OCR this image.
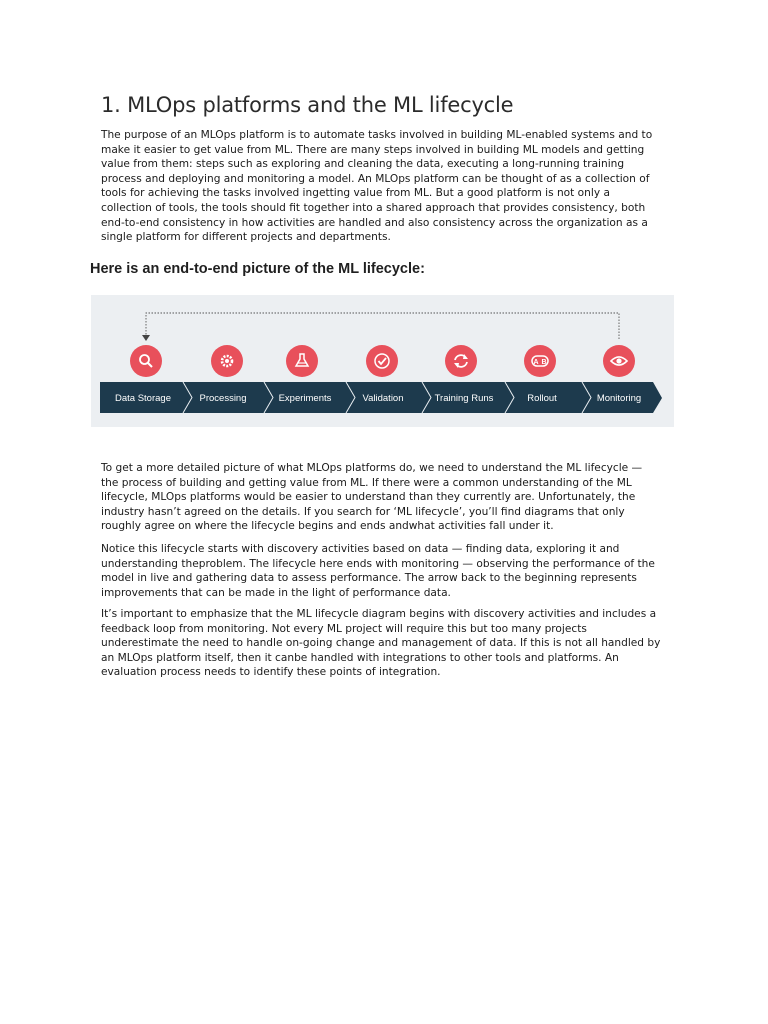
1. MLOps platforms and the ML lifecycle

The purpose of an MLOps platform is to automate tasks involved in building ML-enabled systems and to make it easier to get value from ML. There are many steps involved in building ML models and getting value from them: steps such as exploring and cleaning the data, executing a long-running training process and deploying and monitoring a model. An MLOps platform can be thought of as a collection of tools for achieving the tasks involved ingetting value from ML. But a good platform is not only a collection of tools, the tools should fit together into a shared approach that provides consistency, both end-to-end consistency in how activities are handled and also consistency across the organization as a single platform for different projects and departments.

Here is an end-to-end picture of the ML lifecycle:
A B
Data Storage	Processing	Experiments	Validation	Training Runs	Rollout	Monitoring

To get a more detailed picture of what MLOps platforms do, we need to understand the ML lifecycle — the process of building and getting value from ML. If there were a common understanding of the ML lifecycle, MLOps platforms would be easier to understand than they currently are. Unfortunately, the industry hasn’t agreed on the details. If you search for ‘ML lifecycle’, you’ll find diagrams that only roughly agree on where the lifecycle begins and ends andwhat activities fall under it.

Notice this lifecycle starts with discovery activities based on data — finding data, exploring it and understanding theproblem. The lifecycle here ends with monitoring — observing the performance of the model in live and gathering data to assess performance. The arrow back to the beginning represents improvements that can be made in the light of performance data.

It’s important to emphasize that the ML lifecycle diagram begins with discovery activities and includes a feedback loop from monitoring. Not every ML project will require this but too many projects underestimate the need to handle on-going change and management of data. If this is not all handled by an MLOps platform itself, then it canbe handled with integrations to other tools and platforms. An evaluation process needs to identify these points of integration.
